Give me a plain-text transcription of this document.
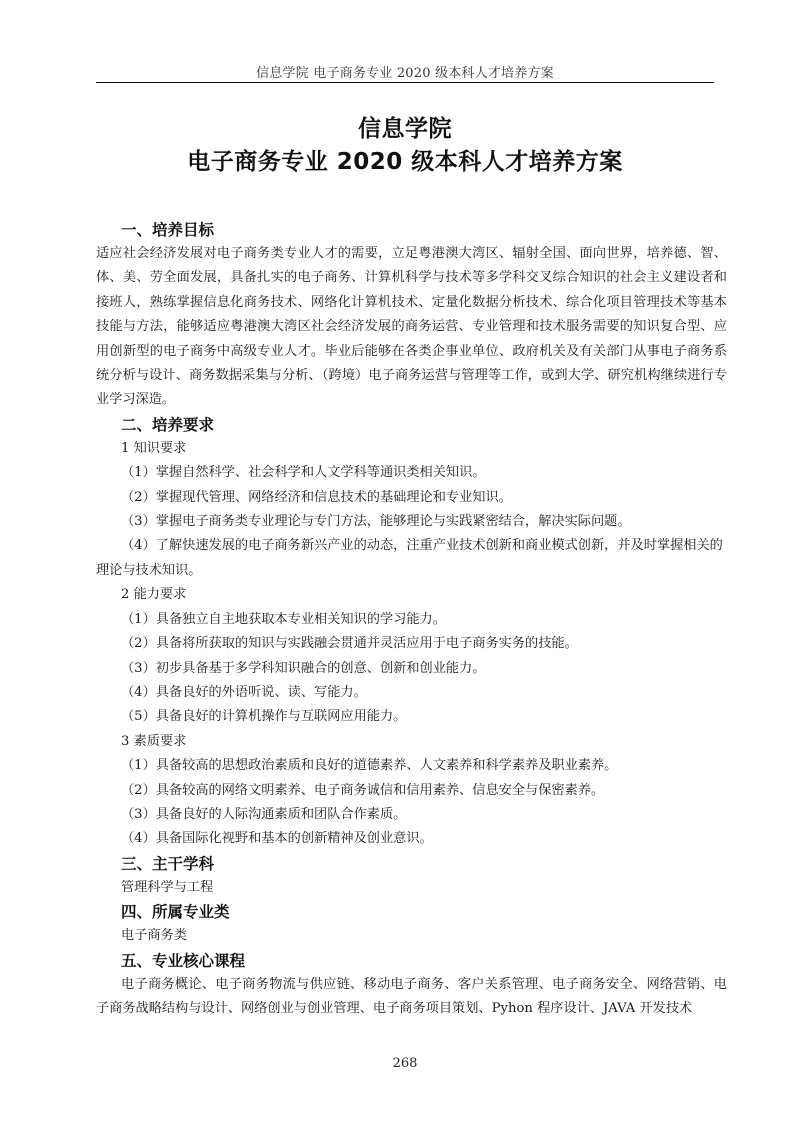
信息学院 电子商务专业 2020 级本科人才培养方案
信息学院
电子商务专业 2020 级本科人才培养方案
一、培养目标
适应社会经济发展对电子商务类专业人才的需要，立足粤港澳大湾区、辐射全国、面向世界，培养德、智、体、美、劳全面发展，具备扎实的电子商务、计算机科学与技术等多学科交叉综合知识的社会主义建设者和接班人，熟练掌握信息化商务技术、网络化计算机技术、定量化数据分析技术、综合化项目管理技术等基本技能与方法，能够适应粤港澳大湾区社会经济发展的商务运营、专业管理和技术服务需要的知识复合型、应用创新型的电子商务中高级专业人才。毕业后能够在各类企事业单位、政府机关及有关部门从事电子商务系统分析与设计、商务数据采集与分析、（跨境）电子商务运营与管理等工作，或到大学、研究机构继续进行专业学习深造。
二、培养要求
1 知识要求
（1）掌握自然科学、社会科学和人文学科等通识类相关知识。
（2）掌握现代管理、网络经济和信息技术的基础理论和专业知识。
（3）掌握电子商务类专业理论与专门方法，能够理论与实践紧密结合，解决实际问题。
（4）了解快速发展的电子商务新兴产业的动态，注重产业技术创新和商业模式创新，并及时掌握相关的理论与技术知识。
2 能力要求
（1）具备独立自主地获取本专业相关知识的学习能力。
（2）具备将所获取的知识与实践融会贯通并灵活应用于电子商务实务的技能。
（3）初步具备基于多学科知识融合的创意、创新和创业能力。
（4）具备良好的外语听说、读、写能力。
（5）具备良好的计算机操作与互联网应用能力。
3 素质要求
（1）具备较高的思想政治素质和良好的道德素养、人文素养和科学素养及职业素养。
（2）具备较高的网络文明素养、电子商务诚信和信用素养、信息安全与保密素养。
（3）具备良好的人际沟通素质和团队合作素质。
（4）具备国际化视野和基本的创新精神及创业意识。
三、主干学科
管理科学与工程
四、所属专业类
电子商务类
五、专业核心课程
电子商务概论、电子商务物流与供应链、移动电子商务、客户关系管理、电子商务安全、网络营销、电子商务战略结构与设计、网络创业与创业管理、电子商务项目策划、Pyhon 程序设计、JAVA 开发技术
268
